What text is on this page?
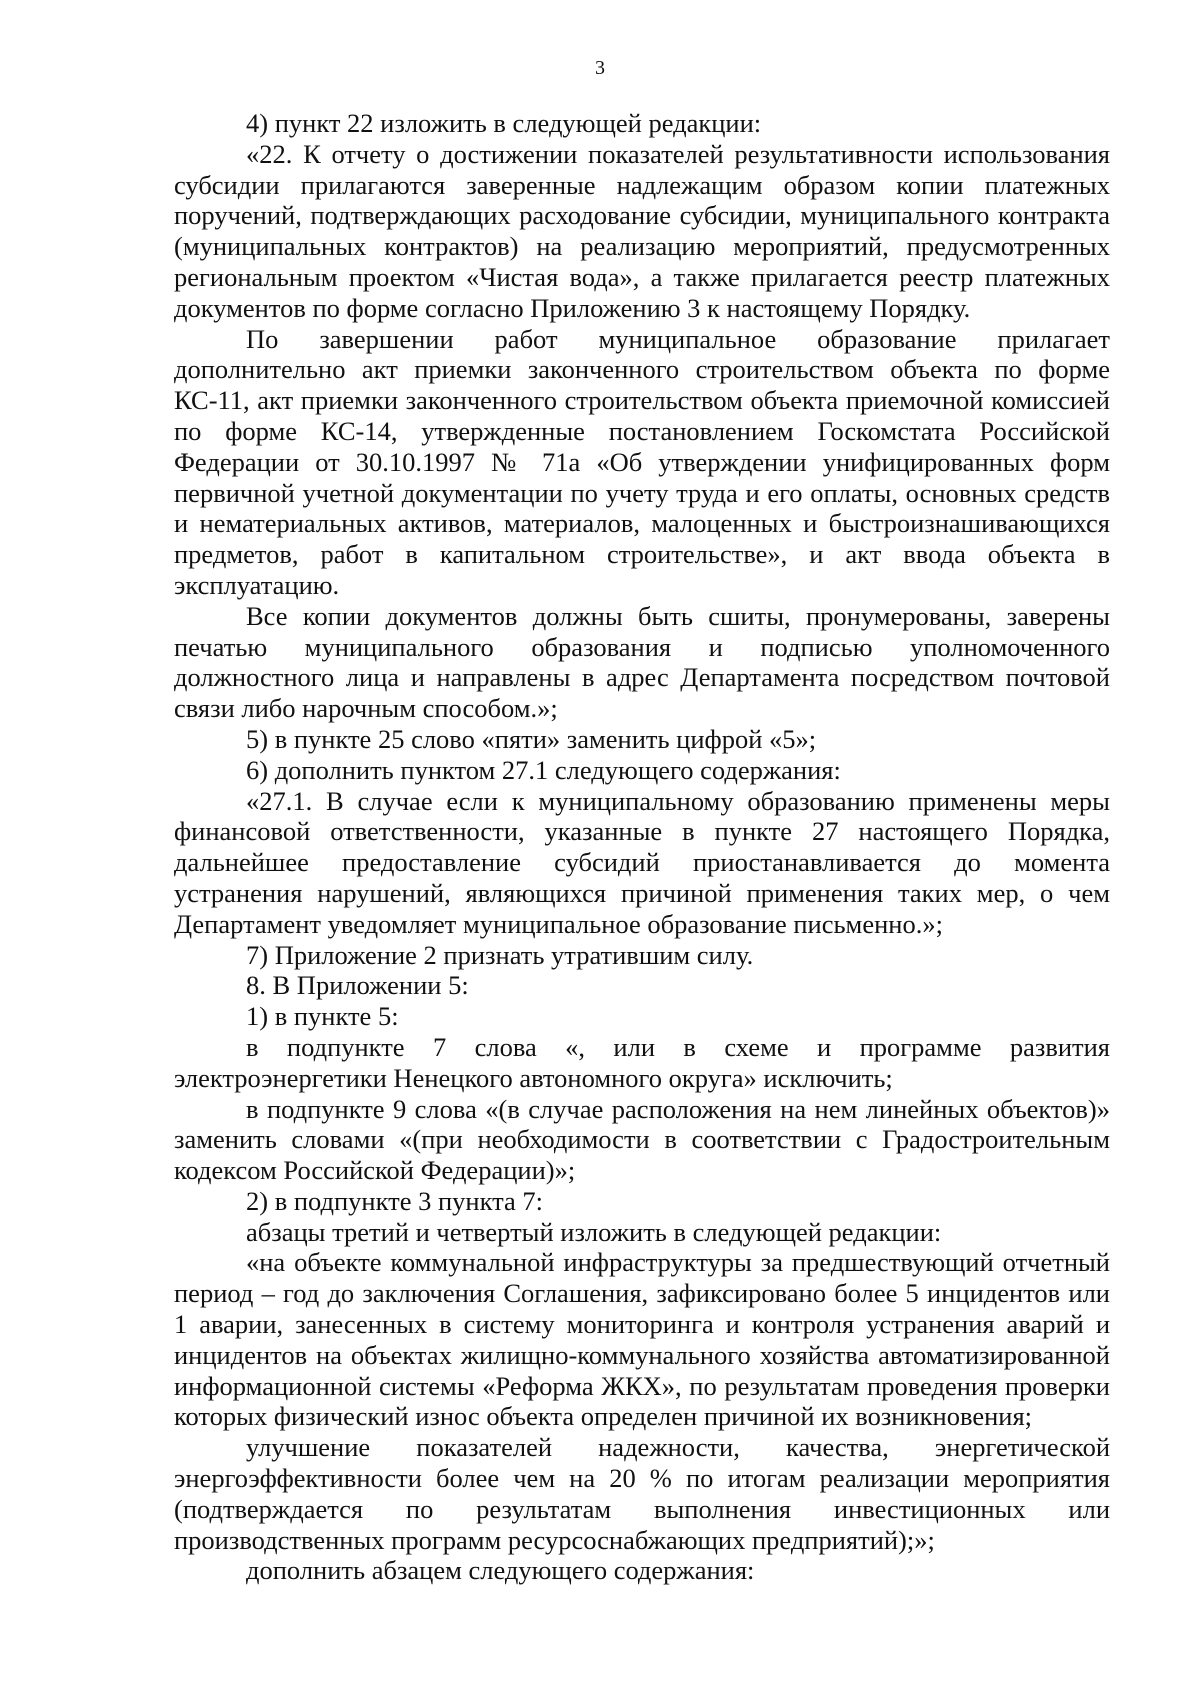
3

4) пункт 22 изложить в следующей редакции:

«22. К отчету о достижении показателей результативности использования субсидии прилагаются заверенные надлежащим образом копии платежных поручений, подтверждающих расходование субсидии, муниципального контракта (муниципальных контрактов) на реализацию мероприятий, предусмотренных региональным проектом «Чистая вода», а также прилагается реестр платежных документов по форме согласно Приложению 3 к настоящему Порядку.

По завершении работ муниципальное образование прилагает дополнительно акт приемки законченного строительством объекта по форме КС-11, акт приемки законченного строительством объекта приемочной комиссией по форме КС-14, утвержденные постановлением Госкомстата Российской Федерации от 30.10.1997 № 71а «Об утверждении унифицированных форм первичной учетной документации по учету труда и его оплаты, основных средств и нематериальных активов, материалов, малоценных и быстроизнашивающихся предметов, работ в капитальном строительстве», и акт ввода объекта в эксплуатацию.

Все копии документов должны быть сшиты, пронумерованы, заверены печатью муниципального образования и подписью уполномоченного должностного лица и направлены в адрес Департамента посредством почтовой связи либо нарочным способом.»;

5) в пункте 25 слово «пяти» заменить цифрой «5»;

6) дополнить пунктом 27.1 следующего содержания:

«27.1. В случае если к муниципальному образованию применены меры финансовой ответственности, указанные в пункте 27 настоящего Порядка, дальнейшее предоставление субсидий приостанавливается до момента устранения нарушений, являющихся причиной применения таких мер, о чем Департамент уведомляет муниципальное образование письменно.»;

7) Приложение 2 признать утратившим силу.

8. В Приложении 5:

1) в пункте 5:

в подпункте 7 слова «, или в схеме и программе развития электроэнергетики Ненецкого автономного округа» исключить;

в подпункте 9 слова «(в случае расположения на нем линейных объектов)» заменить словами «(при необходимости в соответствии с Градостроительным кодексом Российской Федерации)»;

2) в подпункте 3 пункта 7:

абзацы третий и четвертый изложить в следующей редакции:

«на объекте коммунальной инфраструктуры за предшествующий отчетный период – год до заключения Соглашения, зафиксировано более 5 инцидентов или 1 аварии, занесенных в систему мониторинга и контроля устранения аварий и инцидентов на объектах жилищно-коммунального хозяйства автоматизированной информационной системы «Реформа ЖКХ», по результатам проведения проверки которых физический износ объекта определен причиной их возникновения;

улучшение показателей надежности, качества, энергетической энергоэффективности более чем на 20 % по итогам реализации мероприятия (подтверждается по результатам выполнения инвестиционных или производственных программ ресурсоснабжающих предприятий);»;

дополнить абзацем следующего содержания:
